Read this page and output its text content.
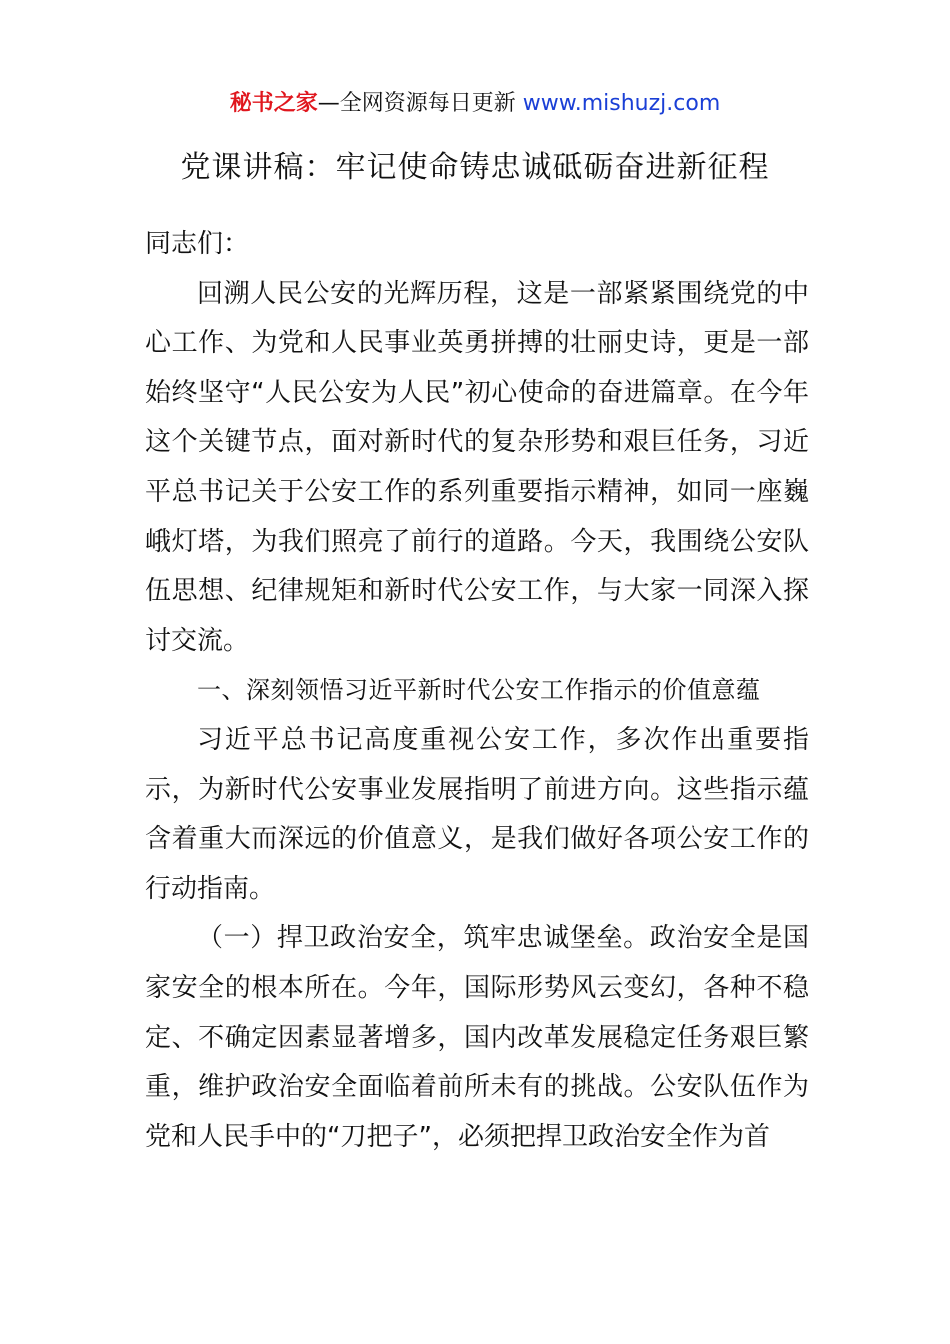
秘书之家—全网资源每日更新 www.mishuzj.com
党课讲稿：牢记使命铸忠诚砥砺奋进新征程

同志们：

回溯人民公安的光辉历程，这是一部紧紧围绕党的中心工作、为党和人民事业英勇拼搏的壮丽史诗，更是一部始终坚守“人民公安为人民”初心使命的奋进篇章。在今年这个关键节点，面对新时代的复杂形势和艰巨任务，习近平总书记关于公安工作的系列重要指示精神，如同一座巍峨灯塔，为我们照亮了前行的道路。今天，我围绕公安队伍思想、纪律规矩和新时代公安工作，与大家一同深入探讨交流。

一、深刻领悟习近平新时代公安工作指示的价值意蕴

习近平总书记高度重视公安工作，多次作出重要指示，为新时代公安事业发展指明了前进方向。这些指示蕴含着重大而深远的价值意义，是我们做好各项公安工作的行动指南。

（一）捍卫政治安全，筑牢忠诚堡垒。政治安全是国家安全的根本所在。今年，国际形势风云变幻，各种不稳定、不确定因素显著增多，国内改革发展稳定任务艰巨繁重，维护政治安全面临着前所未有的挑战。公安队伍作为党和人民手中的“刀把子”，必须把捍卫政治安全作为首
